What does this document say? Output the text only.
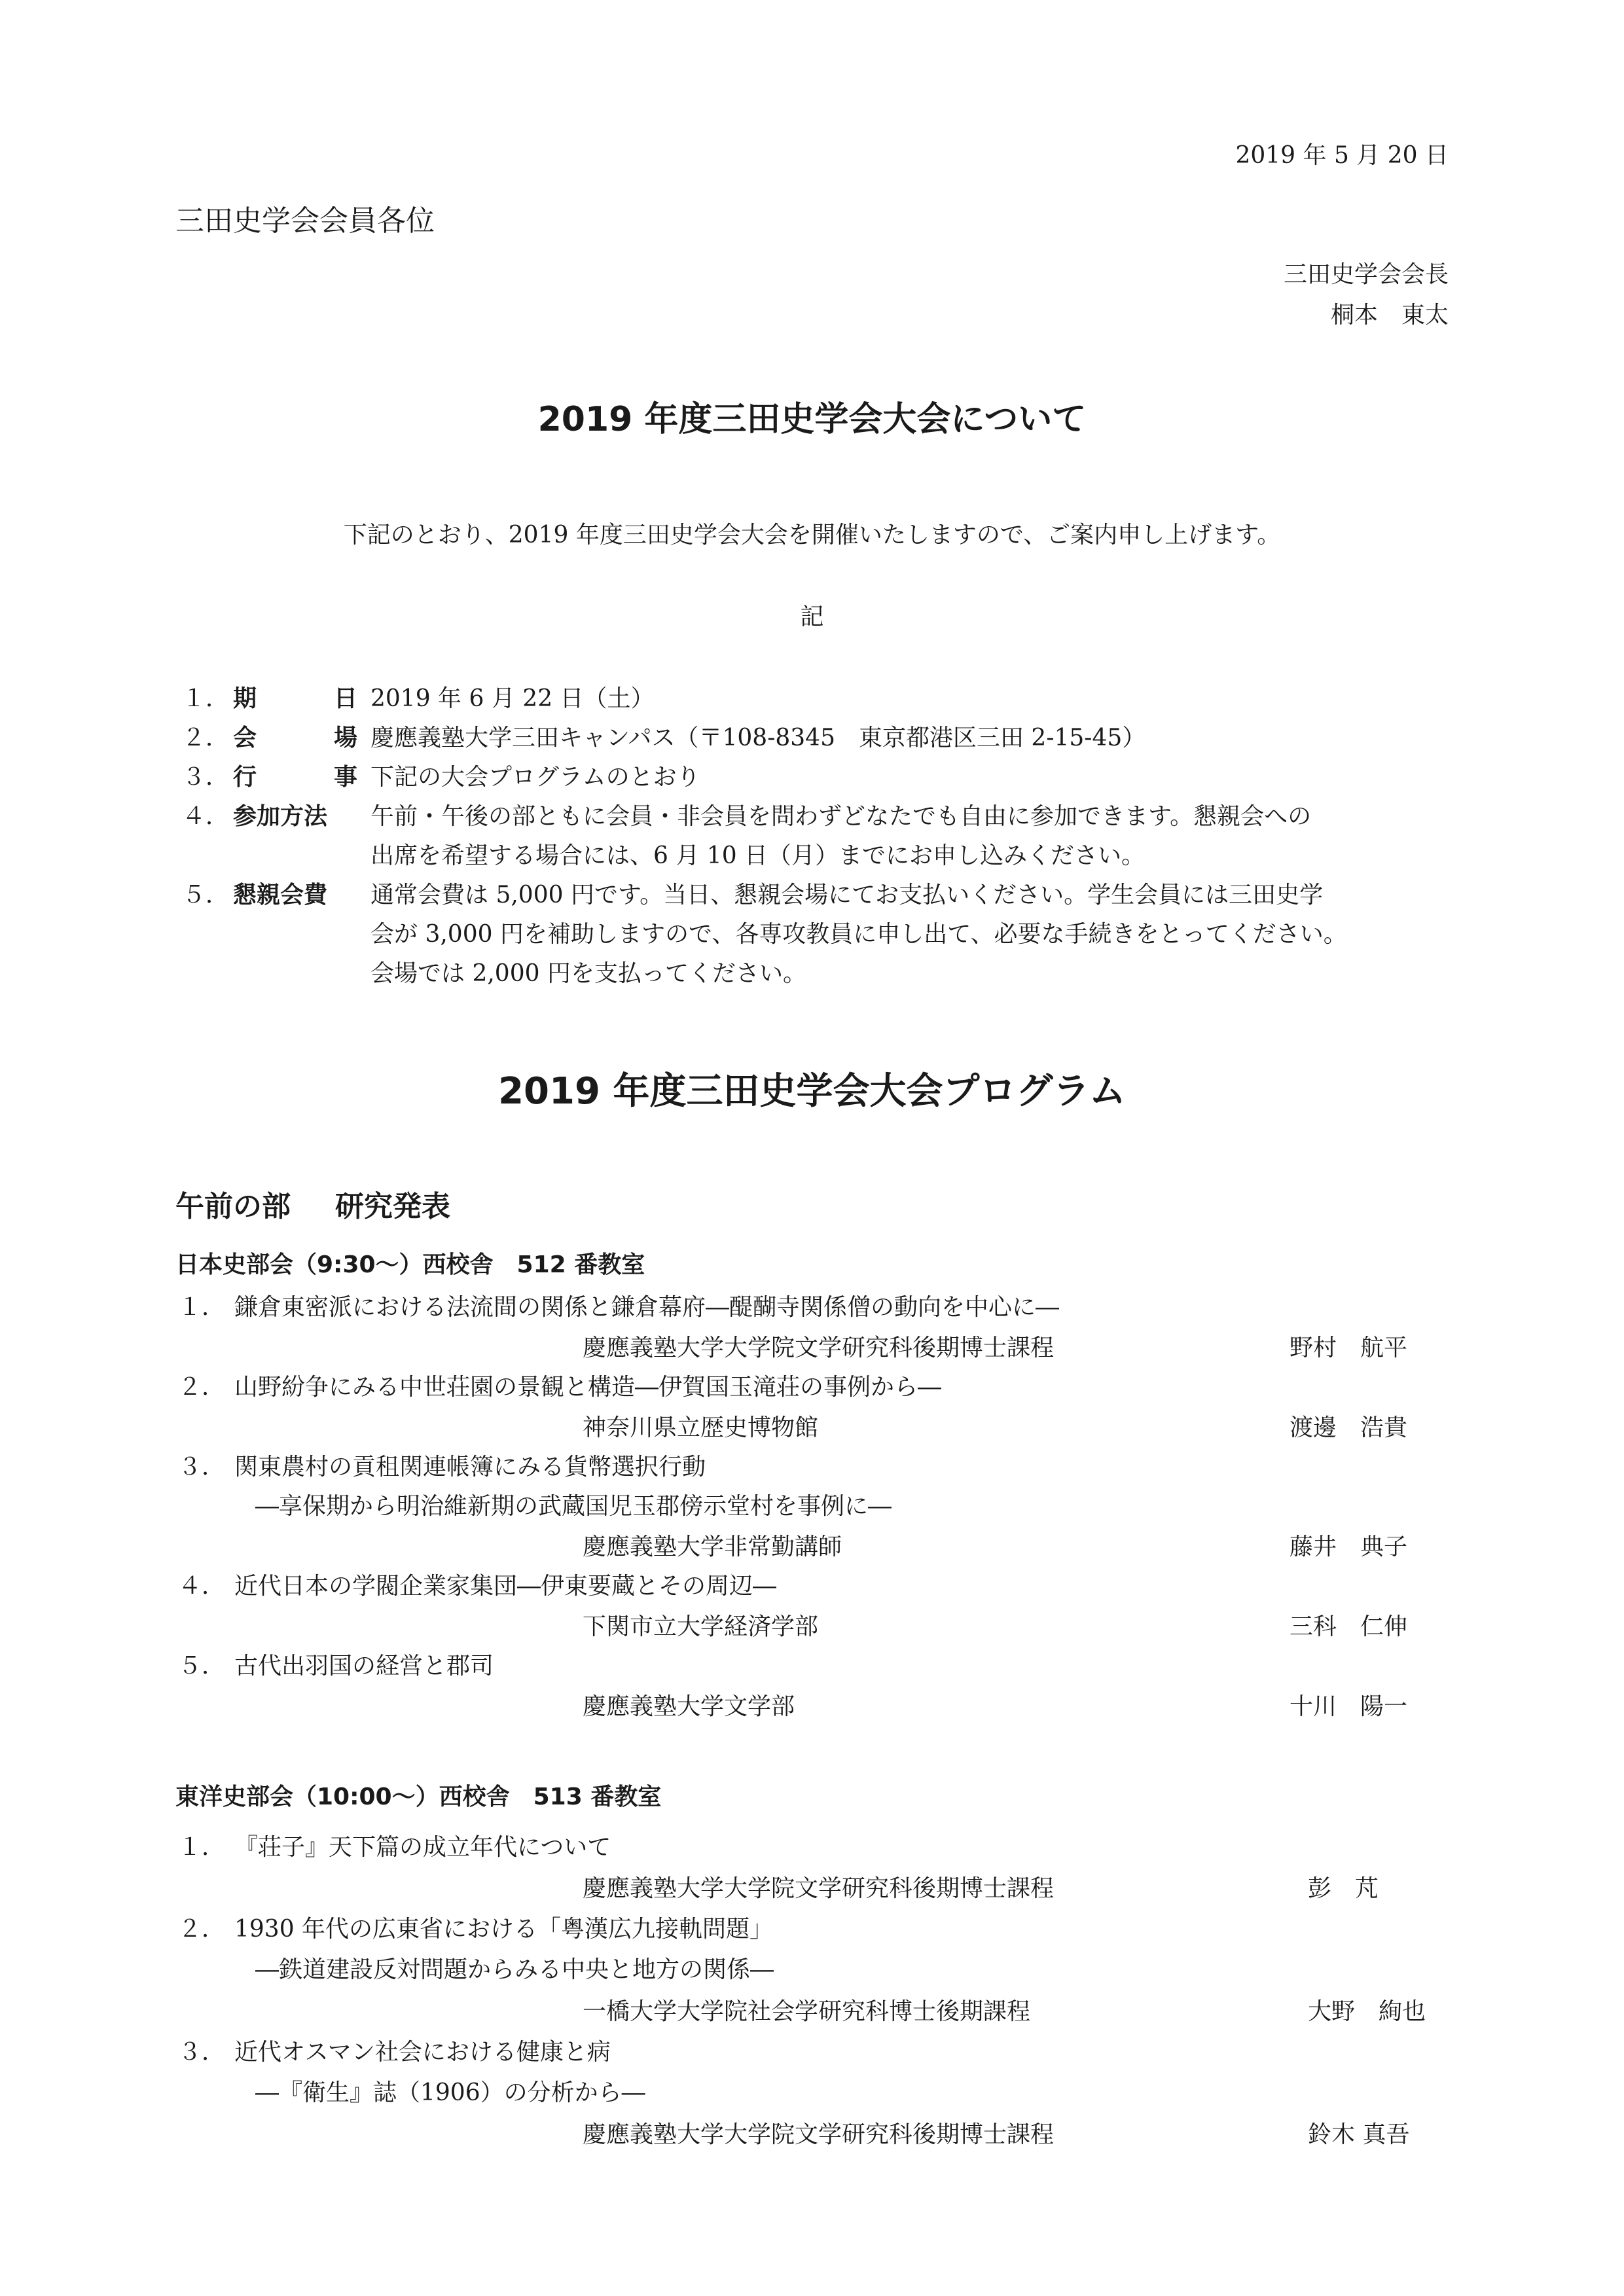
2019 年 5 月 20 日
三田史学会会員各位
三田史学会会長
桐本　東太
2019 年度三田史学会大会について
下記のとおり、2019 年度三田史学会大会を開催いたしますので、ご案内申し上げます。
記
１． 期	日 2019 年 6 月 22 日（土）
２． 会	場 慶應義塾大学三田キャンパス（〒108-8345　東京都港区三田 2-15-45）
３． 行	事 下記の大会プログラムのとおり
４． 参加方法 午前・午後の部ともに会員・非会員を問わずどなたでも自由に参加できます。懇親会への
出席を希望する場合には、6 月 10 日（月）までにお申し込みください。
５． 懇親会費 通常会費は 5,000 円です。当日、懇親会場にてお支払いください。学生会員には三田史学
会が 3,000 円を補助しますので、各専攻教員に申し出て、必要な手続きをとってください。
会場では 2,000 円を支払ってください。
2019 年度三田史学会大会プログラム
午前の部 研究発表
日本史部会（9:30～）西校舎　512 番教室
１． 鎌倉東密派における法流間の関係と鎌倉幕府―醍醐寺関係僧の動向を中心に―
慶應義塾大学大学院文学研究科後期博士課程	野村　航平
２． 山野紛争にみる中世荘園の景観と構造―伊賀国玉滝荘の事例から―
神奈川県立歴史博物館	渡邊　浩貴
３． 関東農村の貢租関連帳簿にみる貨幣選択行動
―享保期から明治維新期の武蔵国児玉郡傍示堂村を事例に―
慶應義塾大学非常勤講師	藤井　典子
４． 近代日本の学閥企業家集団―伊東要蔵とその周辺―
下関市立大学経済学部	三科　仁伸
５． 古代出羽国の経営と郡司
慶應義塾大学文学部	十川　陽一
東洋史部会（10:00～）西校舎　513 番教室
１． 『荘子』天下篇の成立年代について
慶應義塾大学大学院文学研究科後期博士課程	彭　芃
２． 1930 年代の広東省における「粤漢広九接軌問題」
―鉄道建設反対問題からみる中央と地方の関係―
一橋大学大学院社会学研究科博士後期課程	大野　絢也
３． 近代オスマン社会における健康と病
―『衛生』誌（1906）の分析から―
慶應義塾大学大学院文学研究科後期博士課程	鈴木 真吾
